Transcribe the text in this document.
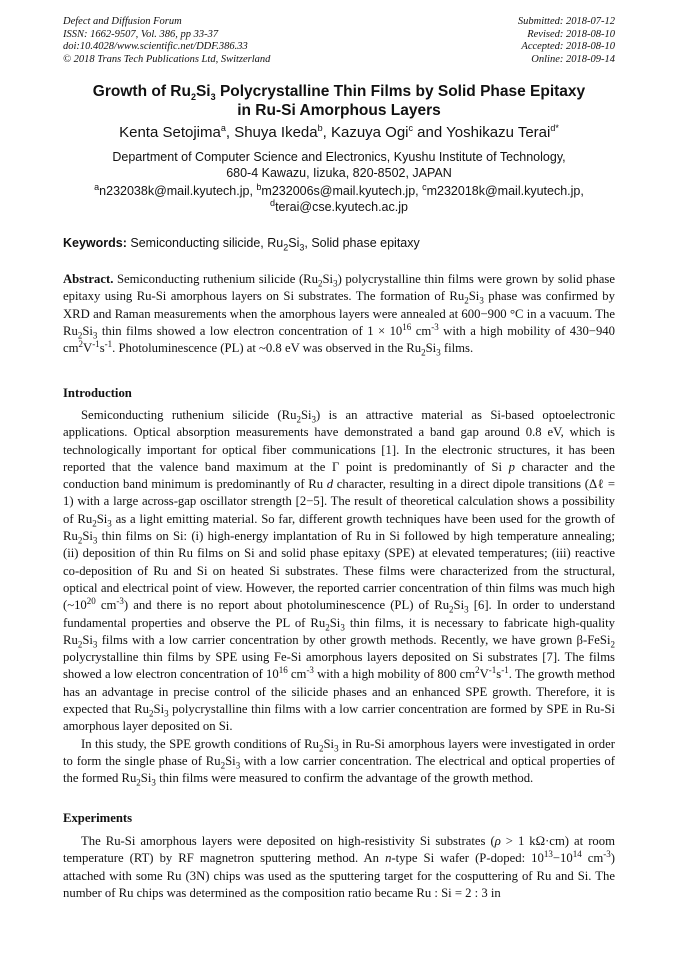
Defect and Diffusion Forum
ISSN: 1662-9507, Vol. 386, pp 33-37
doi:10.4028/www.scientific.net/DDF.386.33
© 2018 Trans Tech Publications Ltd, Switzerland
Submitted: 2018-07-12
Revised: 2018-08-10
Accepted: 2018-08-10
Online: 2018-09-14
Growth of $Ru_2Si_3$ Polycrystalline Thin Films by Solid Phase Epitaxy
in Ru-Si Amorphous Layers
Kenta Setojima$^a$, Shuya Ikeda$^b$, Kazuya Ogi$^c$ and Yoshikazu Terai$^{d*}$
Department of Computer Science and Electronics, Kyushu Institute of Technology,
680-4 Kawazu, Iizuka, 820-8502, JAPAN
$^a$n232038k@mail.kyutech.jp, $^b$m232006s@mail.kyutech.jp, $^c$m232018k@mail.kyutech.jp,
$^d$terai@cse.kyutech.ac.jp
Keywords: Semiconducting silicide, $Ru_2Si_3$, Solid phase epitaxy
Abstract. Semiconducting ruthenium silicide $(Ru_2Si_3)$ polycrystalline thin films were grown by solid phase epitaxy using Ru-Si amorphous layers on Si substrates. The formation of $Ru_2Si_3$ phase was confirmed by XRD and Raman measurements when the amorphous layers were annealed at 600−900 °C in a vacuum. The $Ru_2Si_3$ thin films showed a low electron concentration of $1 \times 10^{16}$ $cm^{-3}$ with a high mobility of 430−940 $cm^2V^{-1}s^{-1}$. Photoluminescence (PL) at ~0.8 eV was observed in the $Ru_2Si_3$ films.
Introduction

Semiconducting ruthenium silicide $(Ru_2Si_3)$ is an attractive material as Si-based optoelectronic applications. Optical absorption measurements have demonstrated a band gap around 0.8 eV, which is technologically important for optical fiber communications [1]. In the electronic structures, it has been reported that the valence band maximum at the Γ point is predominantly of Si p character and the conduction band minimum is predominantly of Ru d character, resulting in a direct dipole transitions (Δℓ = 1) with a large across-gap oscillator strength [2−5]. The result of theoretical calculation shows a possibility of $Ru_2Si_3$ as a light emitting material. So far, different growth techniques have been used for the growth of $Ru_2Si_3$ thin films on Si: (i) high-energy implantation of Ru in Si followed by high temperature annealing; (ii) deposition of thin Ru films on Si and solid phase epitaxy (SPE) at elevated temperatures; (iii) reactive co-deposition of Ru and Si on heated Si substrates. These films were characterized from the structural, optical and electrical point of view. However, the reported carrier concentration of thin films was much high ($\sim 10^{20}$ $cm^{-3}$) and there is no report about photoluminescence (PL) of $Ru_2Si_3$ [6]. In order to understand fundamental properties and observe the PL of $Ru_2Si_3$ thin films, it is necessary to fabricate high-quality $Ru_2Si_3$ films with a low carrier concentration by other growth methods. Recently, we have grown β-FeSi$_2$ polycrystalline thin films by SPE using Fe-Si amorphous layers deposited on Si substrates [7]. The films showed a low electron concentration of $10^{16}$ $cm^{-3}$ with a high mobility of 800 $cm^2V^{-1}s^{-1}$. The growth method has an advantage in precise control of the silicide phases and an enhanced SPE growth. Therefore, it is expected that $Ru_2Si_3$ polycrystalline thin films with a low carrier concentration are formed by SPE in Ru-Si amorphous layer deposited on Si.

In this study, the SPE growth conditions of $Ru_2Si_3$ in Ru-Si amorphous layers were investigated in order to form the single phase of $Ru_2Si_3$ with a low carrier concentration. The electrical and optical properties of the formed $Ru_2Si_3$ thin films were measured to confirm the advantage of the growth method.

Experiments

The Ru-Si amorphous layers were deposited on high-resistivity Si substrates (ρ > 1 kΩ·cm) at room temperature (RT) by RF magnetron sputtering method. An n-type Si wafer (P-doped: $10^{13}-10^{14}$ $cm^{-3}$) attached with some Ru (3N) chips was used as the sputtering target for the cosputtering of Ru and Si. The number of Ru chips was determined as the composition ratio became Ru : Si = 2 : 3 in
